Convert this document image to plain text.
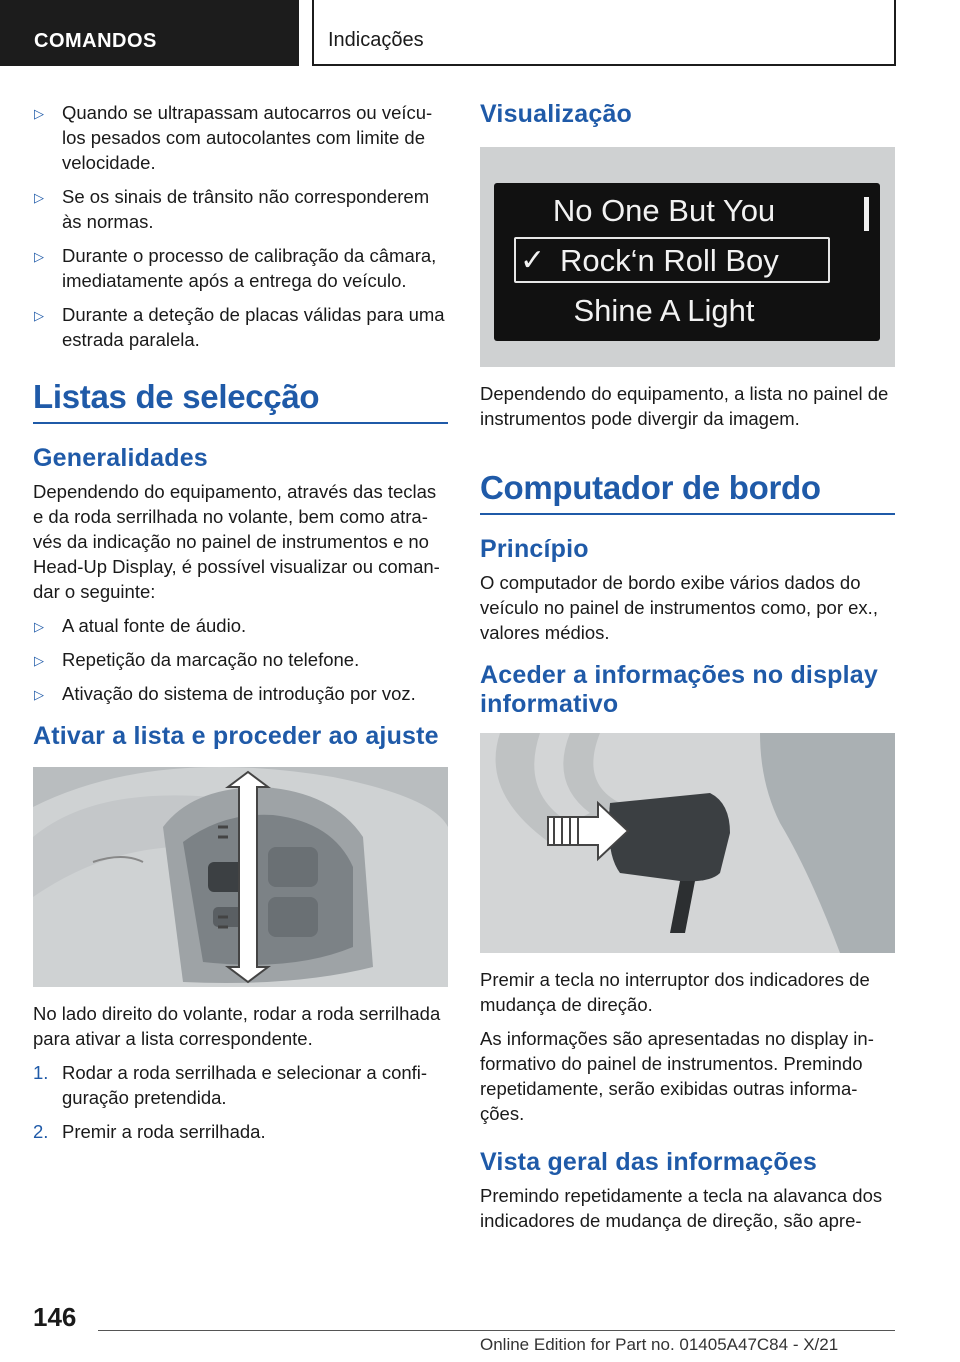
COMANDOS	Indicações
▷ Quando se ultrapassam autocarros ou veícu-los pesados com autocolantes com limite de velocidade.
▷ Se os sinais de trânsito não corresponderem às normas.
▷ Durante o processo de calibração da câmara, imediatamente após a entrega do veículo.
▷ Durante a deteção de placas válidas para uma estrada paralela.
Listas de selecção
Generalidades

Dependendo do equipamento, através das teclas e da roda serrilhada no volante, bem como atra-vés da indicação no painel de instrumentos e no Head-Up Display, é possível visualizar ou coman-dar o seguinte:

▷ A atual fonte de áudio.
▷ Repetição da marcação no telefone.
▷ Ativação do sistema de introdução por voz.
Ativar a lista e proceder ao ajuste

No lado direito do volante, rodar a roda serrilhada para ativar a lista correspondente.

1. Rodar a roda serrilhada e selecionar a confi-guração pretendida.
2. Premir a roda serrilhada.
Visualização
No One But You
✓ Rock‘n Roll Boy
Shine A Light

Dependendo do equipamento, a lista no painel de instrumentos pode divergir da imagem.

Computador de bordo
Princípio

O computador de bordo exibe vários dados do veículo no painel de instrumentos como, por ex., valores médios.

Aceder a informações no display informativo

Premir a tecla no interruptor dos indicadores de mudança de direção.

As informações são apresentadas no display in-formativo do painel de instrumentos. Premindo repetidamente, serão exibidas outras informa-ções.

Vista geral das informações

Premindo repetidamente a tecla na alavanca dos indicadores de mudança de direção, são apre-

146
Online Edition for Part no. 01405A47C84 - X/21
